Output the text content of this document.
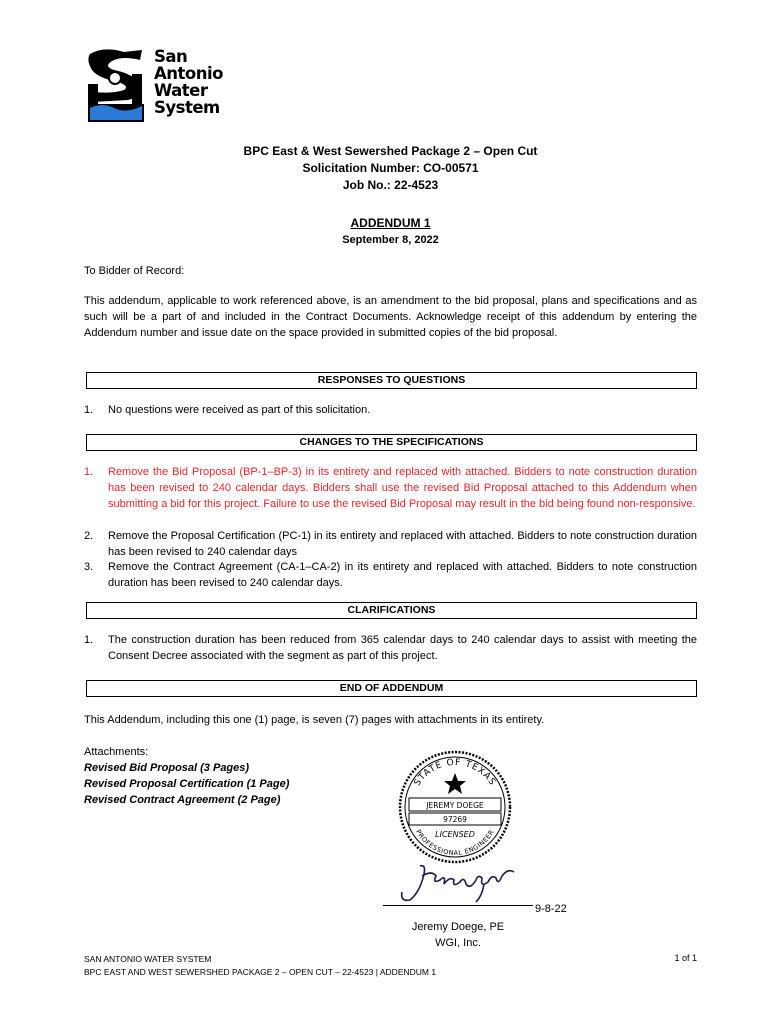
San
Antonio
Water
System
BPC East & West Sewershed Package 2 – Open Cut
Solicitation Number: CO-00571
Job No.: 22-4523
ADDENDUM 1
September 8, 2022
To Bidder of Record:
This addendum, applicable to work referenced above, is an amendment to the bid proposal, plans and specifications and as such will be a part of and included in the Contract Documents. Acknowledge receipt of this addendum by entering the Addendum number and issue date on the space provided in submitted copies of the bid proposal.
RESPONSES TO QUESTIONS
1. No questions were received as part of this solicitation.
CHANGES TO THE SPECIFICATIONS
1. Remove the Bid Proposal (BP-1–BP-3) in its entirety and replaced with attached. Bidders to note construction duration has been revised to 240 calendar days. Bidders shall use the revised Bid Proposal attached to this Addendum when submitting a bid for this project. Failure to use the revised Bid Proposal may result in the bid being found non-responsive.
2. Remove the Proposal Certification (PC-1) in its entirety and replaced with attached. Bidders to note construction duration has been revised to 240 calendar days
3. Remove the Contract Agreement (CA-1–CA-2) in its entirety and replaced with attached. Bidders to note construction duration has been revised to 240 calendar days.
CLARIFICATIONS
1. The construction duration has been reduced from 365 calendar days to 240 calendar days to assist with meeting the Consent Decree associated with the segment as part of this project.
END OF ADDENDUM
This Addendum, including this one (1) page, is seven (7) pages with attachments in its entirety.
Attachments:
Revised Bid Proposal (3 Pages)
Revised Proposal Certification (1 Page)
Revised Contract Agreement (2 Page)
STATE OF TEXAS
JEREMY DOEGE
97269
LICENSED
PROFESSIONAL ENGINEER
9-8-22
Jeremy Doege, PE
WGI, Inc.
SAN ANTONIO WATER SYSTEM
BPC EAST AND WEST SEWERSHED PACKAGE 2 – OPEN CUT – 22-4523 | ADDENDUM 1
1 of 1
